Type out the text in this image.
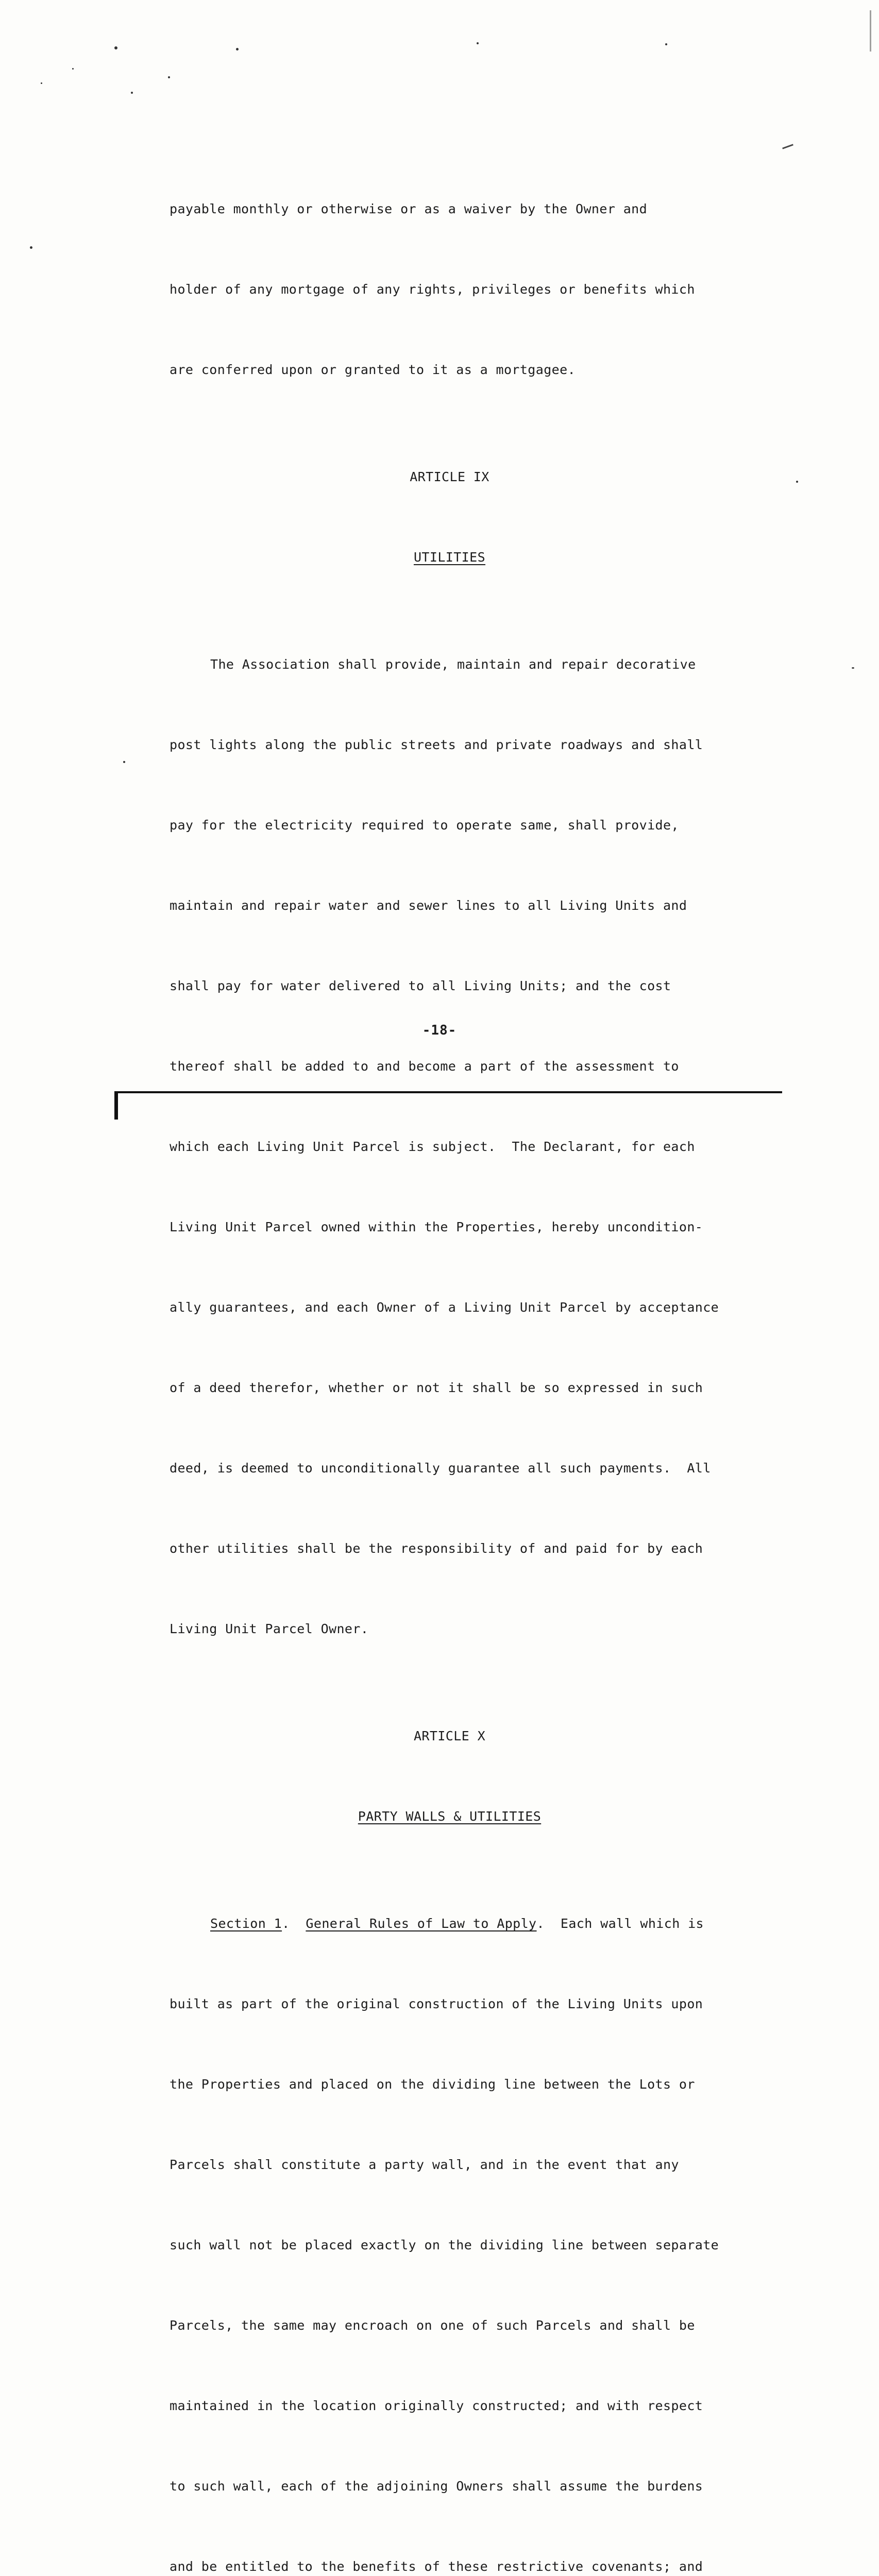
payable monthly or otherwise or as a waiver by the Owner and

holder of any mortgage of any rights, privileges or benefits which

are conferred upon or granted to it as a mortgagee.

ARTICLE IX

UTILITIES

The Association shall provide, maintain and repair decorative

post lights along the public streets and private roadways and shall

pay for the electricity required to operate same, shall provide,

maintain and repair water and sewer lines to all Living Units and

shall pay for water delivered to all Living Units; and the cost

thereof shall be added to and become a part of the assessment to

which each Living Unit Parcel is subject.  The Declarant, for each

Living Unit Parcel owned within the Properties, hereby uncondition-

ally guarantees, and each Owner of a Living Unit Parcel by acceptance

of a deed therefor, whether or not it shall be so expressed in such

deed, is deemed to unconditionally guarantee all such payments.  All

other utilities shall be the responsibility of and paid for by each

Living Unit Parcel Owner.

ARTICLE X

PARTY WALLS & UTILITIES

Section 1.  General Rules of Law to Apply.  Each wall which is

built as part of the original construction of the Living Units upon

the Properties and placed on the dividing line between the Lots or

Parcels shall constitute a party wall, and in the event that any

such wall not be placed exactly on the dividing line between separate

Parcels, the same may encroach on one of such Parcels and shall be

maintained in the location originally constructed; and with respect

to such wall, each of the adjoining Owners shall assume the burdens

and be entitled to the benefits of these restrictive covenants; and

-18-
